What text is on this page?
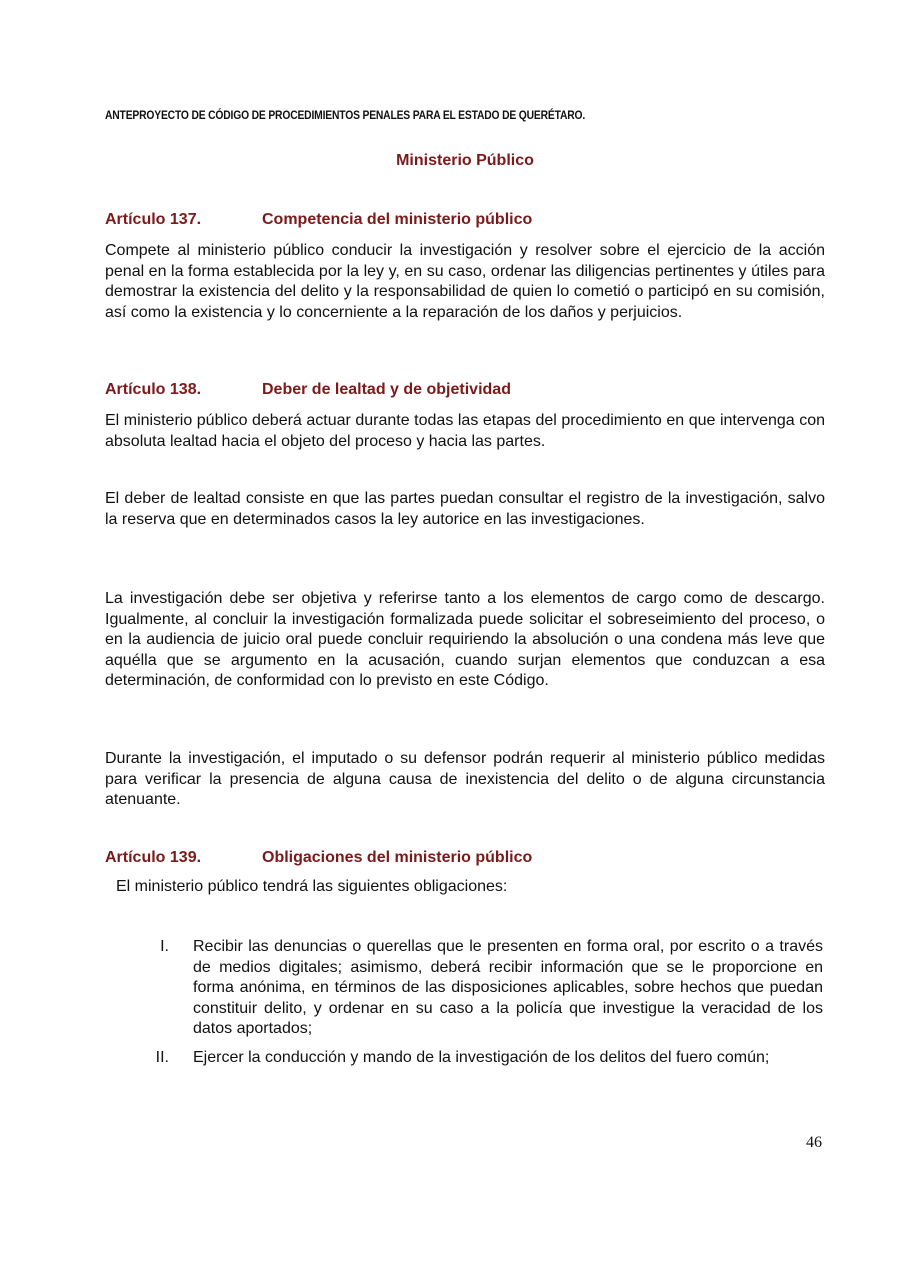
ANTEPROYECTO DE CÓDIGO DE PROCEDIMIENTOS PENALES PARA EL ESTADO DE QUERÉTARO.
Ministerio Público
Artículo 137.	Competencia del ministerio público
Compete al ministerio público conducir la investigación y resolver sobre el ejercicio de la acción penal en la forma establecida por la ley y, en su caso, ordenar las diligencias pertinentes y útiles para demostrar la existencia del delito y la responsabilidad de quien lo cometió o participó en su comisión, así como la existencia y lo concerniente a la reparación de los daños y perjuicios.
Artículo 138.	Deber de lealtad y de objetividad
El ministerio público deberá actuar durante todas las etapas del procedimiento en que intervenga con absoluta lealtad hacia el objeto del proceso y hacia las partes.
El deber de lealtad consiste en que las partes puedan consultar el registro de la investigación, salvo la reserva que en determinados casos la ley autorice en las investigaciones.
La investigación debe ser objetiva y referirse tanto a los elementos de cargo como de descargo. Igualmente, al concluir la investigación formalizada puede solicitar el sobreseimiento del proceso, o en la audiencia de juicio oral puede concluir requiriendo la absolución o una condena más leve que aquélla que se argumento en la acusación, cuando surjan elementos que conduzcan a esa determinación, de conformidad con lo previsto en este Código.
Durante la investigación, el imputado o su defensor podrán requerir al ministerio público medidas para verificar la presencia de alguna causa de inexistencia del delito o de alguna circunstancia atenuante.
Artículo 139.	Obligaciones del ministerio público
El ministerio público tendrá las siguientes obligaciones:
I. Recibir las denuncias o querellas que le presenten en forma oral, por escrito o a través de medios digitales; asimismo, deberá recibir información que se le proporcione en forma anónima, en términos de las disposiciones aplicables, sobre hechos que puedan constituir delito, y ordenar en su caso a la policía que investigue la veracidad de los datos aportados;
II. Ejercer la conducción y mando de la investigación de los delitos del fuero común;
46
